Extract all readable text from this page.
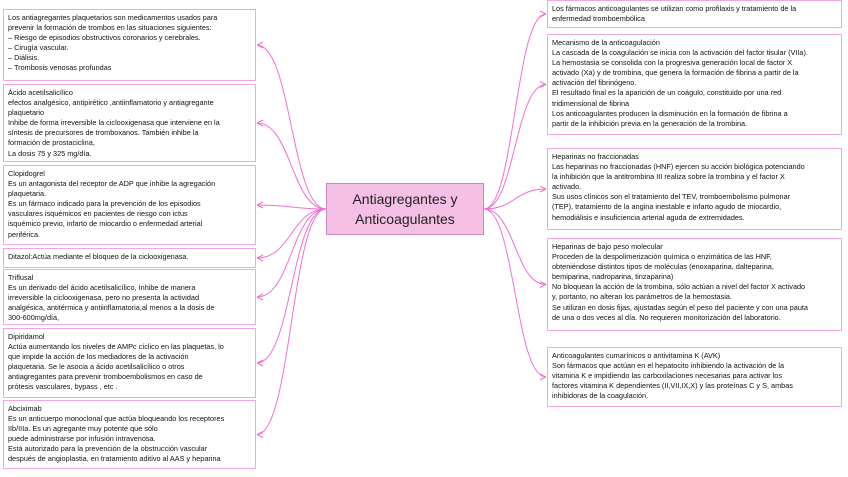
Antiagregantes y
Anticoagulantes
Los antiagregantes plaquetarios son medicamentos usados para
prevenir la formación de trombos en las situaciones siguientes:
– Riesgo de episodios obstructivos coronarios y cerebrales.
– Cirugía vascular.
– Diálisis.
– Trombosis venosas profundas
Ácido acetilsalicílico
efectos analgésico, antipirético ,antiinflamatorio y antiagregante
plaquetario
Inhibe de forma irreversible la ciclooxigenasa que interviene en la
síntesis de precursores de tromboxanos. También inhibe la
formación de prostaciclina,
La dosis 75 y 325 mg/día.
Clopidogrel
Es un antagonista del receptor de ADP que inhibe la agregación
plaquetaria.
Es un fármaco indicado para la prevención de los episodios
vasculares isquémicos en pacientes de riesgo con ictus
isquémico previo, infarto de miocardio o enfermedad arterial
periférica.
Ditazol:Actúa mediante el bloqueo de la ciclooxigenasa.
Triflusal
Es un derivado del ácido acetilsalicílico, Inhibe de manera
irreversible la ciclooxigenasa, pero no presenta la actividad
analgésica, antitérmica y antiinflamatoria,al menos a la dosis de
300-600mg/día,
Dipiridamol
Actúa aumentando los niveles de AMPc cíclico en las plaquetas, lo
que impide la acción de los mediadores de la activación
plaquetaria. Se le asocia a ácido acetilsalicílico o otros
antiagregantes para prevenir tromboembolismos en caso de
prótesis vasculares, bypass , etc .
Abciximab
Es un anticuerpo monoclonal que actúa bloqueando los receptores
IIb/IIIa. Es un agregante muy potente que sólo
puede administrarse por infusión intravenosa.
Está autorizado para la prevención de la obstrucción vascular
después de angioplastia, en tratamiento aditivo al AAS y heparina
Los fármacos anticoagulantes se utilizan como profilaxis y tratamiento de la
enfermedad tromboembólica
Mecanismo de la anticoagulación
La cascada de la coagulación se inicia con la activación del factor tisular (VIIa).
La hemostasia se consolida con la progresiva generación local de factor X
activado (Xa) y de trombina, que genera la formación de fibrina a partir de la
activación del fibrinógeno.
El resultado final es la aparición de un coágulo, constituido por una red
tridimensional de fibrina
Los anticoagulantes producen la disminución en la formación de fibrina a
partir de la inhibición previa en la generación de la trombina.
Heparinas no fraccionadas
Las heparinas no fraccionadas (HNF) ejercen su acción biológica potenciando
la inhibición que la antitrombina III realiza sobre la trombina y el factor X
activado.
Sus usos clínicos son el tratamiento del TEV, tromboembolismo pulmonar
(TEP), tratamiento de la angina inestable e infarto agudo de miocardio,
hemodiálisis e insuficiencia arterial aguda de extremidades.
Heparinas de bajo peso molecular
Proceden de la despolimerización química o enzimática de las HNF,
obteniéndose distintos tipos de moléculas (enoxaparina, dalteparina,
bemiparina, nadroparina, tinzaparina)
No bloquean la acción de la trombina, sólo actúan a nivel del factor X activado
y, portanto, no alteran los parámetros de la hemostasia.
Se utilizan en dosis fijas, ajustadas según el peso del paciente y con una pauta
de una o dos veces al día. No requieren monitorización del laboratorio.
Anticoagulantes cumarínicos o antivitamina K (AVK)
Son fármacos que actúan en el hepatocito inhibiendo la activación de la
vitamina K e impidiendo las carboxilaciones necesarias para activar los
factores vitamina K dependientes (II,VII,IX,X) y las proteínas C y S, ambas
inhibidoras de la coagulación.
